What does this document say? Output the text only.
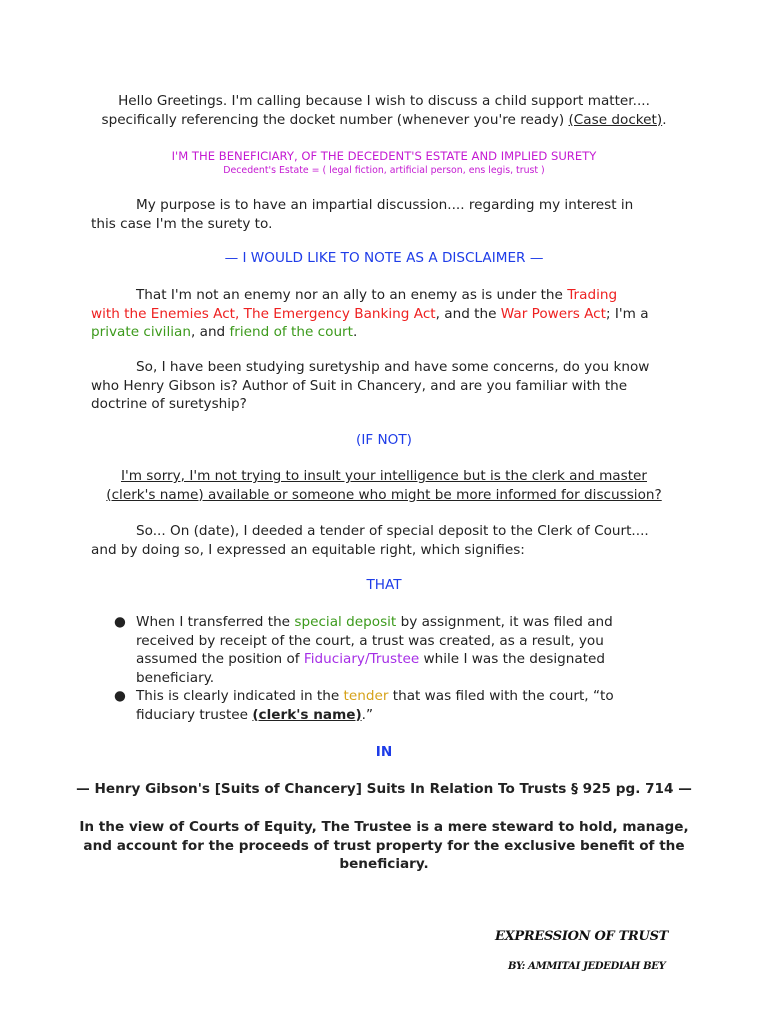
Hello Greetings. I'm calling because I wish to discuss a child support matter....
specifically referencing the docket number (whenever you're ready) (Case docket).
I'M THE BENEFICIARY, OF THE DECEDENT'S ESTATE AND IMPLIED SURETY
Decedent's Estate = ( legal fiction, artificial person, ens legis, trust )
My purpose is to have an impartial discussion.... regarding my interest in
this case I'm the surety to.
— I WOULD LIKE TO NOTE AS A DISCLAIMER —
That I'm not an enemy nor an ally to an enemy as is under the Trading
with the Enemies Act, The Emergency Banking Act, and the War Powers Act; I'm a
private civilian, and friend of the court.
So, I have been studying suretyship and have some concerns, do you know
who Henry Gibson is? Author of Suit in Chancery, and are you familiar with the
doctrine of suretyship?
(IF NOT)
I'm sorry, I'm not trying to insult your intelligence but is the clerk and master
(clerk's name) available or someone who might be more informed for discussion?
So... On (date), I deeded a tender of special deposit to the Clerk of Court....
and by doing so, I expressed an equitable right, which signifies:
THAT
● When I transferred the special deposit by assignment, it was filed and received by receipt of the court, a trust was created, as a result, you assumed the position of Fiduciary/Trustee while I was the designated beneficiary.
● This is clearly indicated in the tender that was filed with the court, “to fiduciary trustee (clerk's name).”
IN
— Henry Gibson's [Suits of Chancery] Suits In Relation To Trusts § 925 pg. 714 —
In the view of Courts of Equity, The Trustee is a mere steward to hold, manage,
and account for the proceeds of trust property for the exclusive benefit of the
beneficiary.
EXPRESSION OF TRUST
BY: AMMITAI JEDEDIAH BEY
